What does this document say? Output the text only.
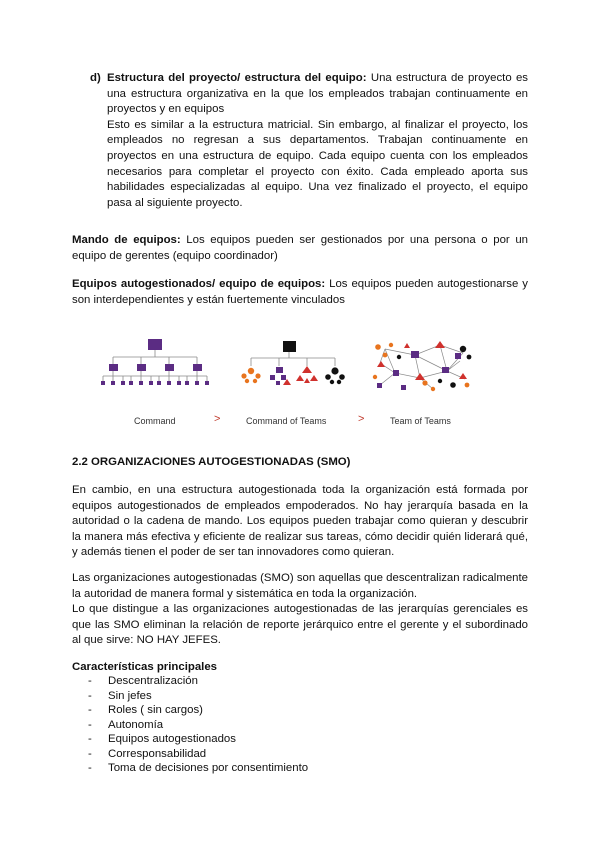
d) Estructura del proyecto/ estructura del equipo: Una estructura de proyecto es una estructura organizativa en la que los empleados trabajan continuamente en proyectos y en equipos

Esto es similar a la estructura matricial. Sin embargo, al finalizar el proyecto, los empleados no regresan a sus departamentos. Trabajan continuamente en proyectos en una estructura de equipo. Cada equipo cuenta con los empleados necesarios para completar el proyecto con éxito. Cada empleado aporta sus habilidades especializadas al equipo. Una vez finalizado el proyecto, el equipo pasa al siguiente proyecto.

Mando de equipos: Los equipos pueden ser gestionados por una persona o por un equipo de gerentes (equipo coordinador)

Equipos autogestionados/ equipo de equipos: Los equipos pueden autogestionarse y son interdependientes y están fuertemente vinculados

Command	>	Command of Teams	>	Team of Teams

2.2 ORGANIZACIONES AUTOGESTIONADAS (SMO)

En cambio, en una estructura autogestionada toda la organización está formada por equipos autogestionados de empleados empoderados. No hay jerarquía basada en la autoridad o la cadena de mando. Los equipos pueden trabajar como quieran y descubrir la manera más efectiva y eficiente de realizar sus tareas, cómo decidir quién liderará qué, y además tienen el poder de ser tan innovadores como quieran.

Las organizaciones autogestionadas (SMO) son aquellas que descentralizan radicalmente la autoridad de manera formal y sistemática en toda la organización.

Lo que distingue a las organizaciones autogestionadas de las jerarquías gerenciales es que las SMO eliminan la relación de reporte jerárquico entre el gerente y el subordinado al que sirve: NO HAY JEFES.

Características principales

- Descentralización
- Sin jefes
- Roles ( sin cargos)
- Autonomía
- Equipos autogestionados
- Corresponsabilidad
- Toma de decisiones por consentimiento
